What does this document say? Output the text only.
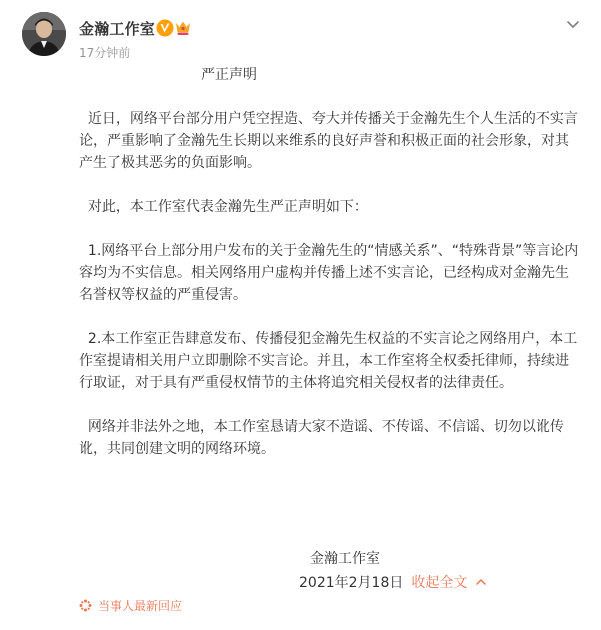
金瀚工作室
17分钟前

严正声明

近日，网络平台部分用户凭空捏造、夸大并传播关于金瀚先生个人生活的不实言论，严重影响了金瀚先生长期以来维系的良好声誉和积极正面的社会形象，对其产生了极其恶劣的负面影响。

对此，本工作室代表金瀚先生严正声明如下：

1.网络平台上部分用户发布的关于金瀚先生的“情感关系”、“特殊背景”等言论内容均为不实信息。相关网络用户虚构并传播上述不实言论，已经构成对金瀚先生名誉权等权益的严重侵害。

2.本工作室正告肆意发布、传播侵犯金瀚先生权益的不实言论之网络用户，本工作室提请相关用户立即删除不实言论。并且，本工作室将全权委托律师，持续进行取证，对于具有严重侵权情节的主体将追究相关侵权者的法律责任。

网络并非法外之地，本工作室恳请大家不造谣、不传谣、不信谣、切勿以讹传讹，共同创建文明的网络环境。

金瀚工作室
2021年2月18日 收起全文
当事人最新回应
